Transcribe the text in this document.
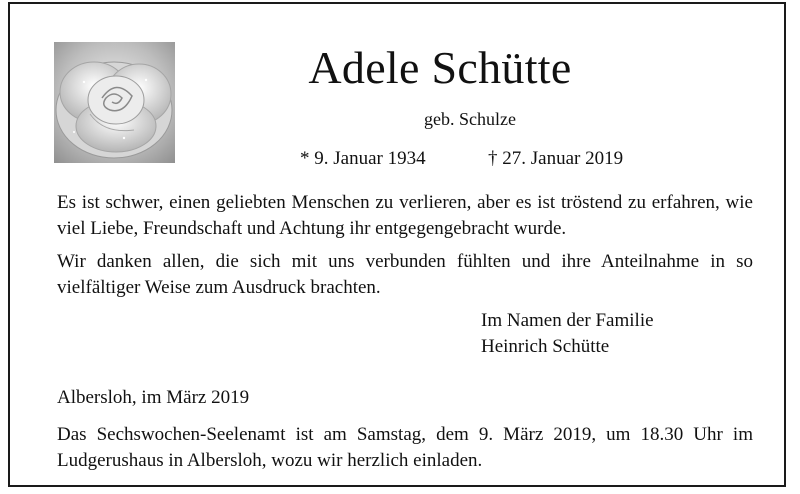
Adele Schütte
geb. Schulze
* 9. Januar 1934	† 27. Januar 2019

Es ist schwer, einen geliebten Menschen zu verlieren, aber es ist tröstend zu erfahren, wie viel Liebe, Freundschaft und Achtung ihr entgegengebracht wurde.

Wir danken allen, die sich mit uns verbunden fühlten und ihre Anteilnahme in so vielfältiger Weise zum Ausdruck brachten.

Im Namen der Familie
Heinrich Schütte
Albersloh, im März 2019

Das Sechswochen-Seelenamt ist am Samstag, dem 9. März 2019, um 18.30 Uhr im Ludgerushaus in Albersloh, wozu wir herzlich einladen.
